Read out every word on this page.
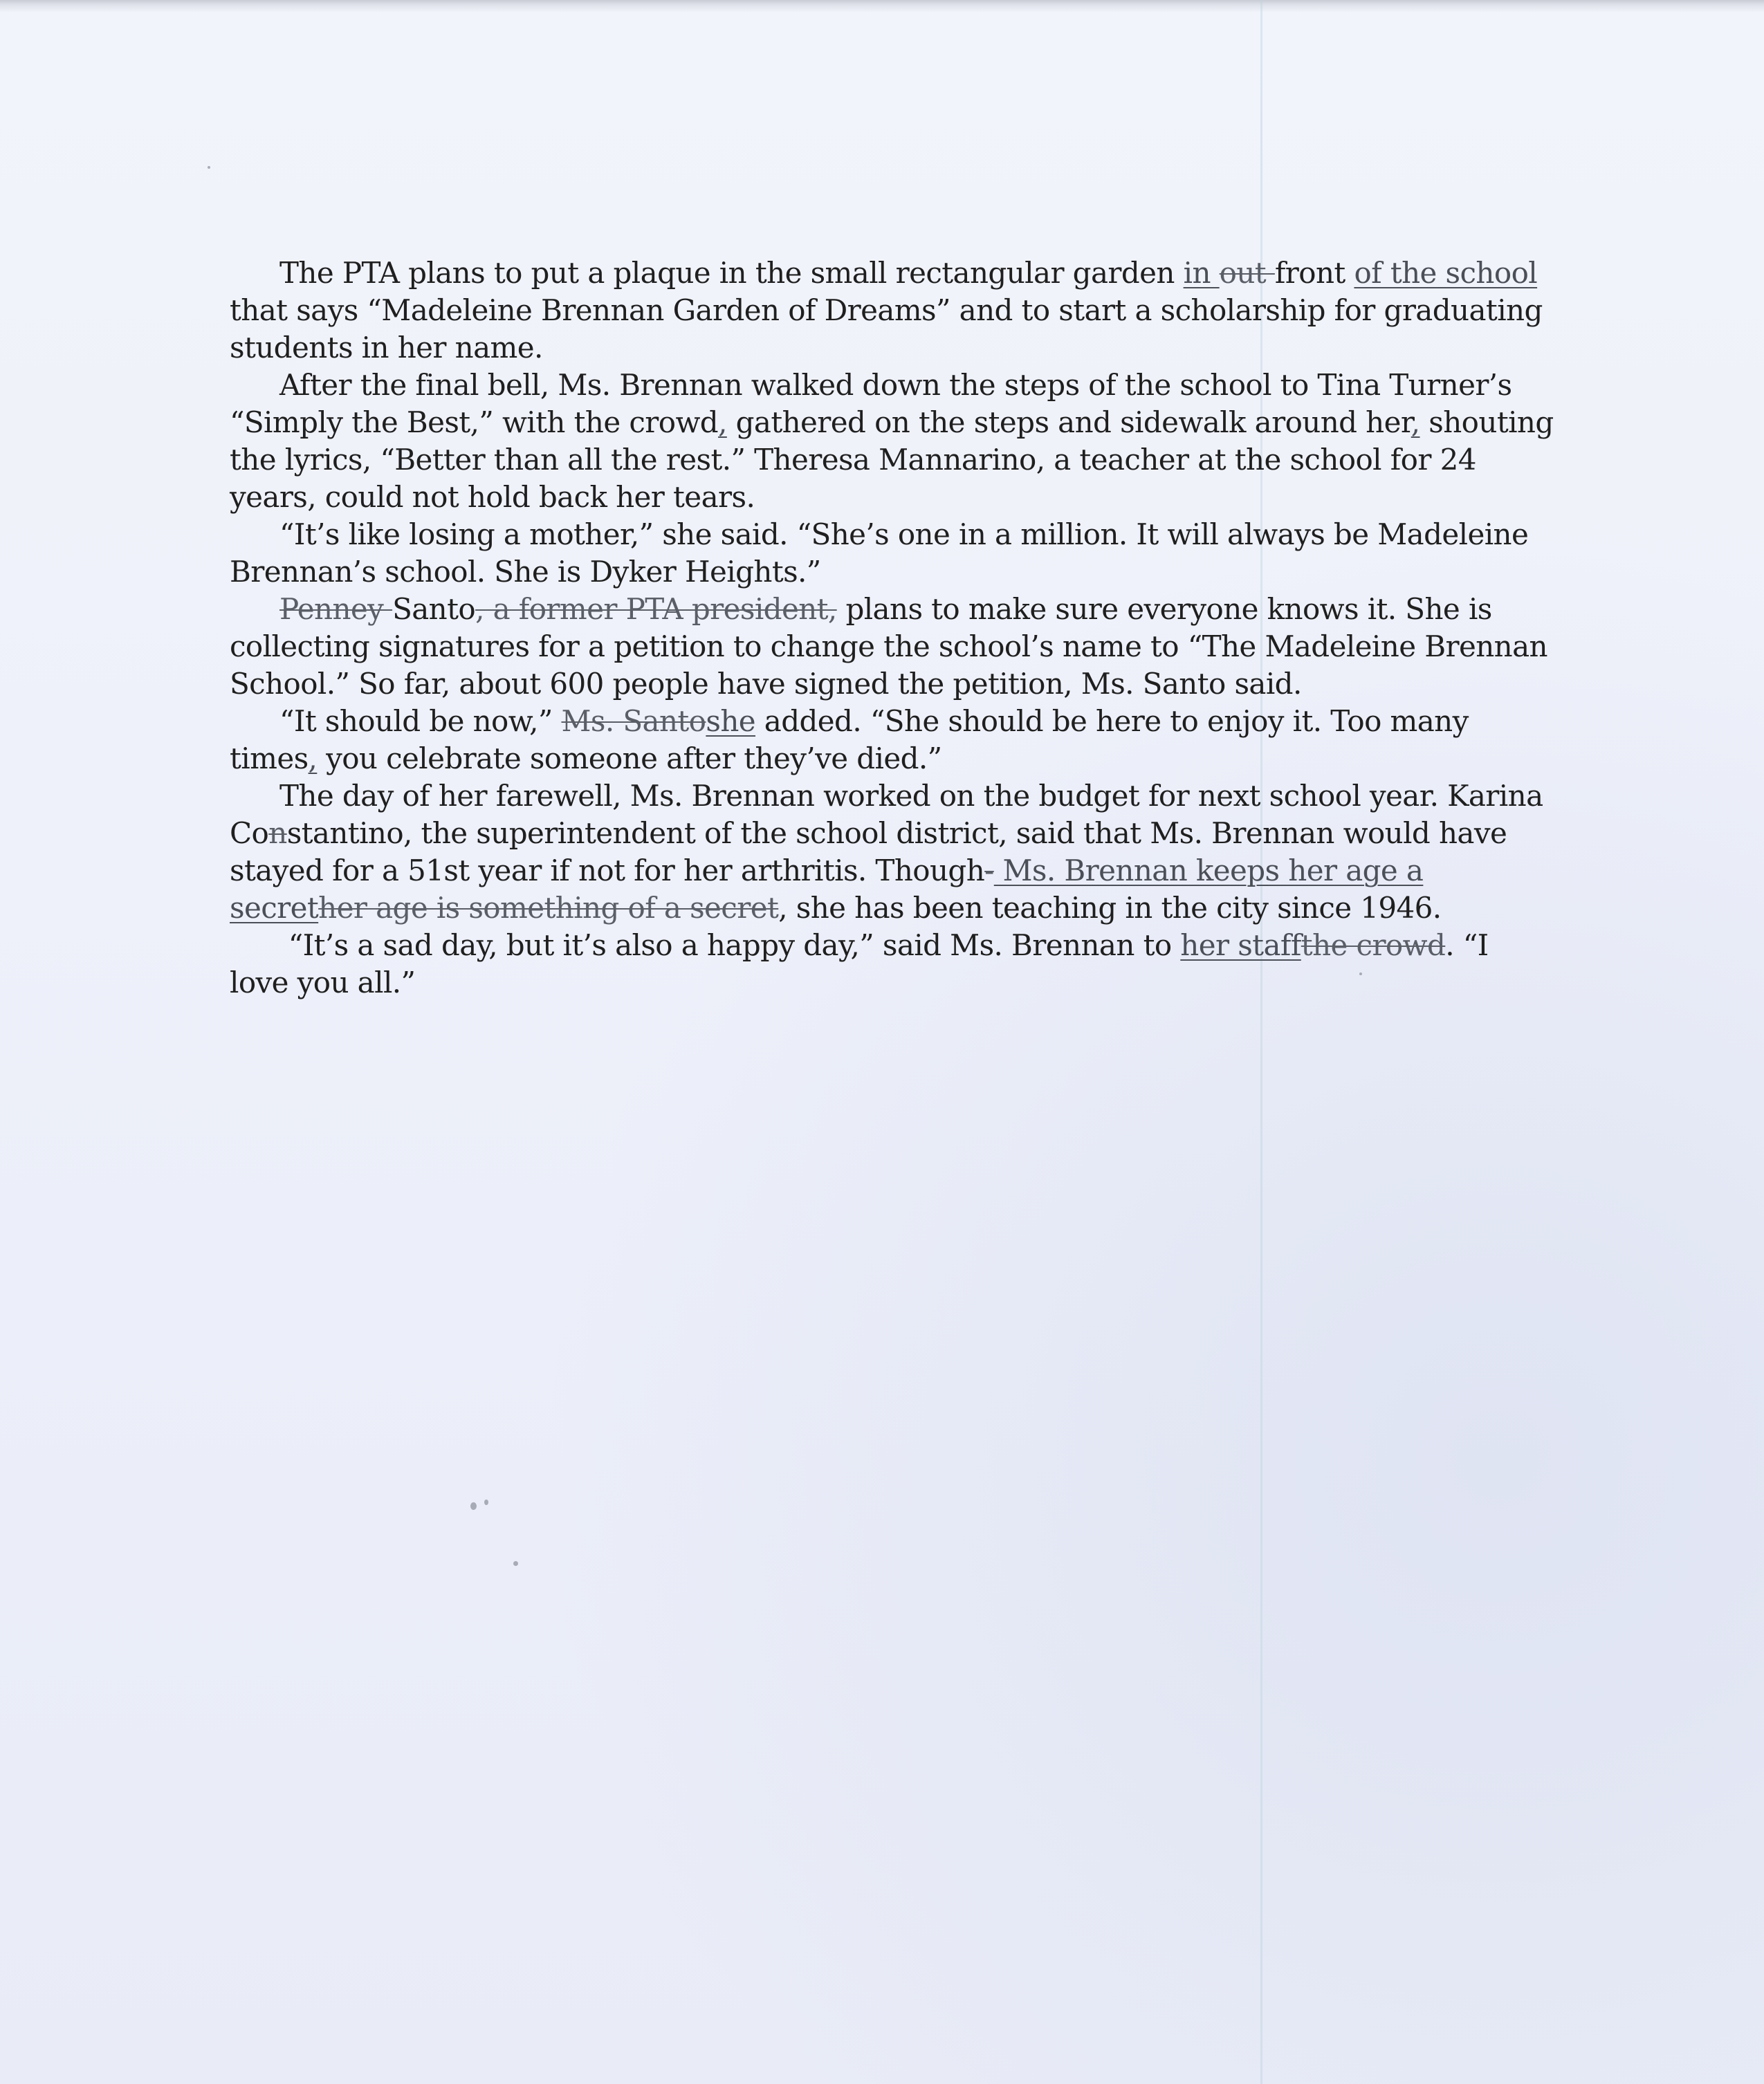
The PTA plans to put a plaque in the small rectangular garden in out front of the school that says “Madeleine Brennan Garden of Dreams” and to start a scholarship for graduating students in her name.

After the final bell, Ms. Brennan walked down the steps of the school to Tina Turner’s “Simply the Best,” with the crowd, gathered on the steps and sidewalk around her, shouting the lyrics, “Better than all the rest.” Theresa Mannarino, a teacher at the school for 24 years, could not hold back her tears.

“It’s like losing a mother,” she said. “She’s one in a million. It will always be Madeleine Brennan’s school. She is Dyker Heights.”

Penney Santo, a former PTA president, plans to make sure everyone knows it. She is collecting signatures for a petition to change the school’s name to “The Madeleine Brennan School.” So far, about 600 people have signed the petition, Ms. Santo said.

“It should be now,” Ms. Santoshe added. “She should be here to enjoy it. Too many times, you celebrate someone after they’ve died.”

The day of her farewell, Ms. Brennan worked on the budget for next school year. Karina Constantino, the superintendent of the school district, said that Ms. Brennan would have stayed for a 51st year if not for her arthritis. Though- Ms. Brennan keeps her age a secrether age is something of a secret, she has been teaching in the city since 1946.

“It’s a sad day, but it’s also a happy day,” said Ms. Brennan to her staffthe crowd. “I love you all.”
